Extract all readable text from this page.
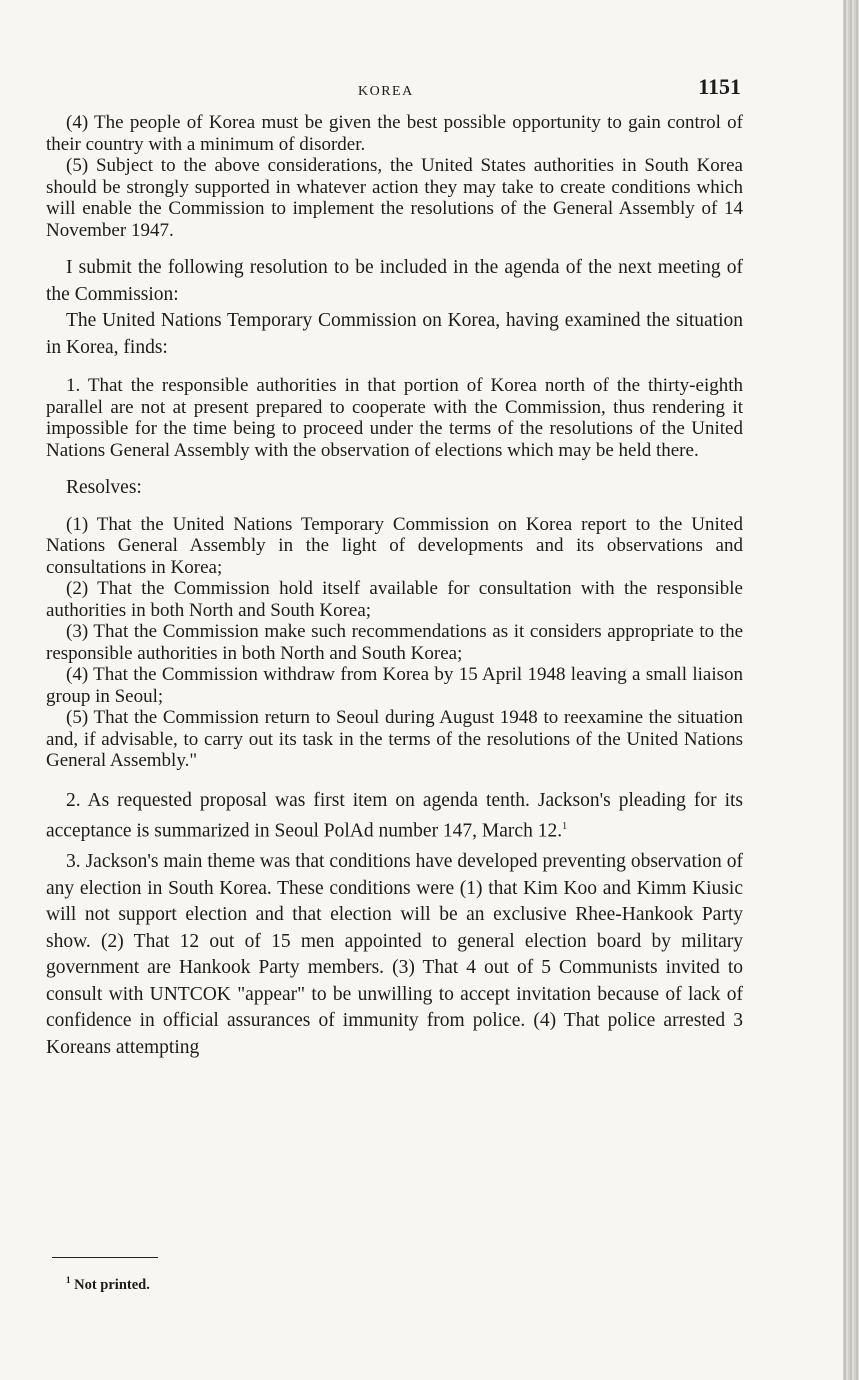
KOREA	1151

(4) The people of Korea must be given the best possible opportunity to gain control of their country with a minimum of disorder.

(5) Subject to the above considerations, the United States authorities in South Korea should be strongly supported in whatever action they may take to create conditions which will enable the Commission to implement the resolutions of the General Assembly of 14 November 1947.

I submit the following resolution to be included in the agenda of the next meeting of the Commission:

The United Nations Temporary Commission on Korea, having examined the situation in Korea, finds:

1. That the responsible authorities in that portion of Korea north of the thirty-eighth parallel are not at present prepared to cooperate with the Commission, thus rendering it impossible for the time being to proceed under the terms of the resolutions of the United Nations General Assembly with the observation of elections which may be held there.

Resolves:

(1) That the United Nations Temporary Commission on Korea report to the United Nations General Assembly in the light of developments and its observations and consultations in Korea;

(2) That the Commission hold itself available for consultation with the responsible authorities in both North and South Korea;

(3) That the Commission make such recommendations as it considers appropriate to the responsible authorities in both North and South Korea;

(4) That the Commission withdraw from Korea by 15 April 1948 leaving a small liaison group in Seoul;

(5) That the Commission return to Seoul during August 1948 to reexamine the situation and, if advisable, to carry out its task in the terms of the resolutions of the United Nations General Assembly."

2. As requested proposal was first item on agenda tenth. Jackson's pleading for its acceptance is summarized in Seoul PolAd number 147, March 12.$^1$

3. Jackson's main theme was that conditions have developed preventing observation of any election in South Korea. These conditions were (1) that Kim Koo and Kimm Kiusic will not support election and that election will be an exclusive Rhee-Hankook Party show. (2) That 12 out of 15 men appointed to general election board by military government are Hankook Party members. (3) That 4 out of 5 Communists invited to consult with UNTCOK "appear" to be unwilling to accept invitation because of lack of confidence in official assurances of immunity from police. (4) That police arrested 3 Koreans attempting

$^1$ Not printed.
